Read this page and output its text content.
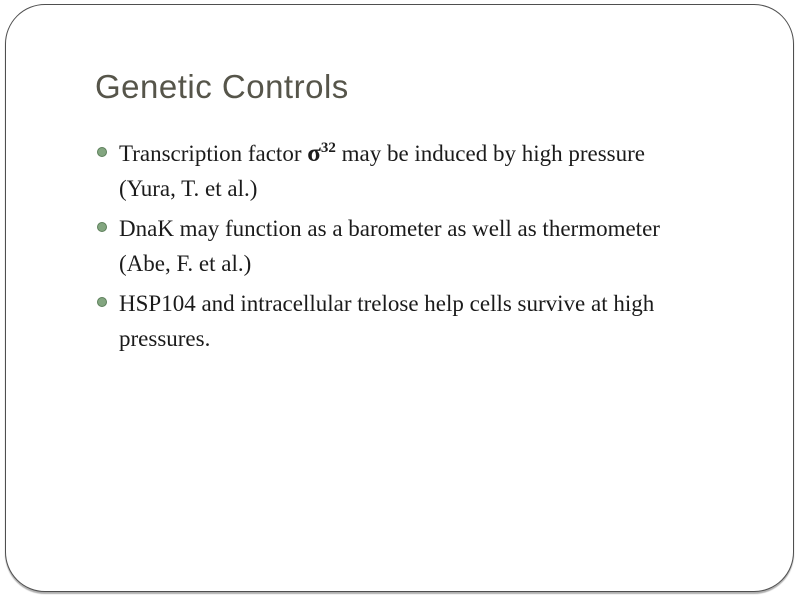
Genetic Controls
Transcription factor $\sigma^{32}$ may be induced by high pressure
(Yura, T. et al.)
DnaK may function as a barometer as well as thermometer
(Abe, F. et al.)
HSP104 and intracellular trelose help cells survive at high
pressures.
